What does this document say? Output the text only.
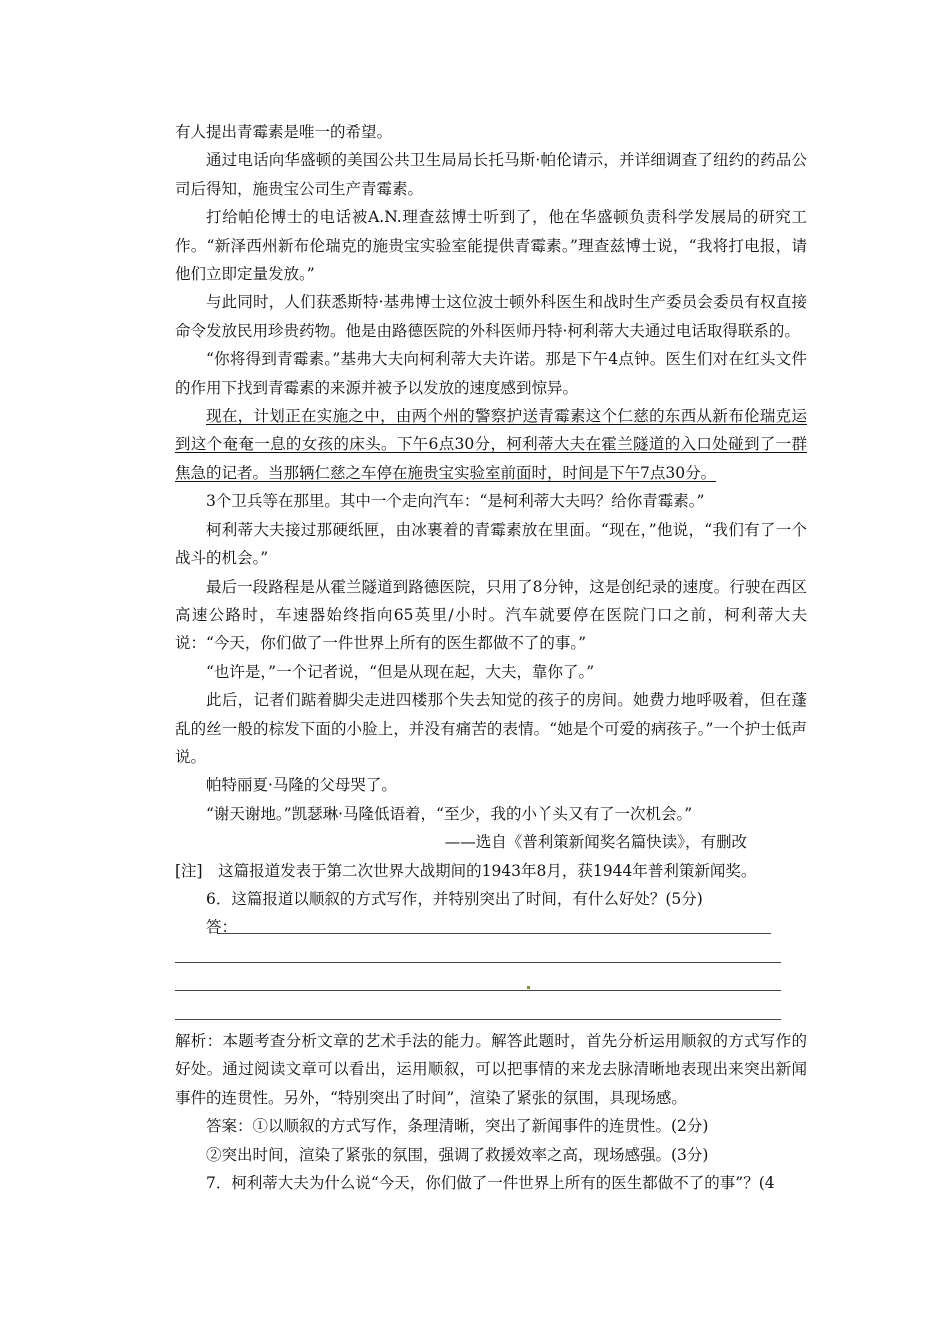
有人提出青霉素是唯一的希望。

通过电话向华盛顿的美国公共卫生局局长托马斯·帕伦请示，并详细调查了纽约的药品公司后得知，施贵宝公司生产青霉素。

打给帕伦博士的电话被A.N.理查兹博士听到了，他在华盛顿负责科学发展局的研究工作。“新泽西州新布伦瑞克的施贵宝实验室能提供青霉素。”理查兹博士说，“我将打电报，请他们立即定量发放。”

与此同时，人们获悉斯特·基弗博士这位波士顿外科医生和战时生产委员会委员有权直接命令发放民用珍贵药物。他是由路德医院的外科医师丹特·柯利蒂大夫通过电话取得联系的。

“你将得到青霉素。”基弗大夫向柯利蒂大夫许诺。那是下午4点钟。医生们对在红头文件的作用下找到青霉素的来源并被予以发放的速度感到惊异。

现在，计划正在实施之中，由两个州的警察护送青霉素这个仁慈的东西从新布伦瑞克运到这个奄奄一息的女孩的床头。下午6点30分，柯利蒂大夫在霍兰隧道的入口处碰到了一群焦急的记者。当那辆仁慈之车停在施贵宝实验室前面时，时间是下午7点30分。

3个卫兵等在那里。其中一个走向汽车：“是柯利蒂大夫吗？给你青霉素。”

柯利蒂大夫接过那硬纸匣，由冰裹着的青霉素放在里面。“现在，”他说，“我们有了一个战斗的机会。”

最后一段路程是从霍兰隧道到路德医院，只用了8分钟，这是创纪录的速度。行驶在西区高速公路时，车速器始终指向65英里/小时。汽车就要停在医院门口之前，柯利蒂大夫说：“今天，你们做了一件世界上所有的医生都做不了的事。”

“也许是，”一个记者说，“但是从现在起，大夫，靠你了。”

此后，记者们踮着脚尖走进四楼那个失去知觉的孩子的房间。她费力地呼吸着，但在蓬乱的丝一般的棕发下面的小脸上，并没有痛苦的表情。“她是个可爱的病孩子。”一个护士低声说。

帕特丽夏·马隆的父母哭了。

“谢天谢地。”凯瑟琳·马隆低语着，“至少，我的小丫头又有了一次机会。”

——选自《普利策新闻奖名篇快读》，有删改

[注]　这篇报道发表于第二次世界大战期间的1943年8月，获1944年普利策新闻奖。

6．这篇报道以顺叙的方式写作，并特别突出了时间，有什么好处？(5分)

答：

解析：本题考查分析文章的艺术手法的能力。解答此题时，首先分析运用顺叙的方式写作的好处。通过阅读文章可以看出，运用顺叙，可以把事情的来龙去脉清晰地表现出来突出新闻事件的连贯性。另外，“特别突出了时间”，渲染了紧张的氛围，具现场感。

答案：①以顺叙的方式写作，条理清晰，突出了新闻事件的连贯性。(2分)

②突出时间，渲染了紧张的氛围，强调了救援效率之高，现场感强。(3分)

7．柯利蒂大夫为什么说“今天，你们做了一件世界上所有的医生都做不了的事”？(4
